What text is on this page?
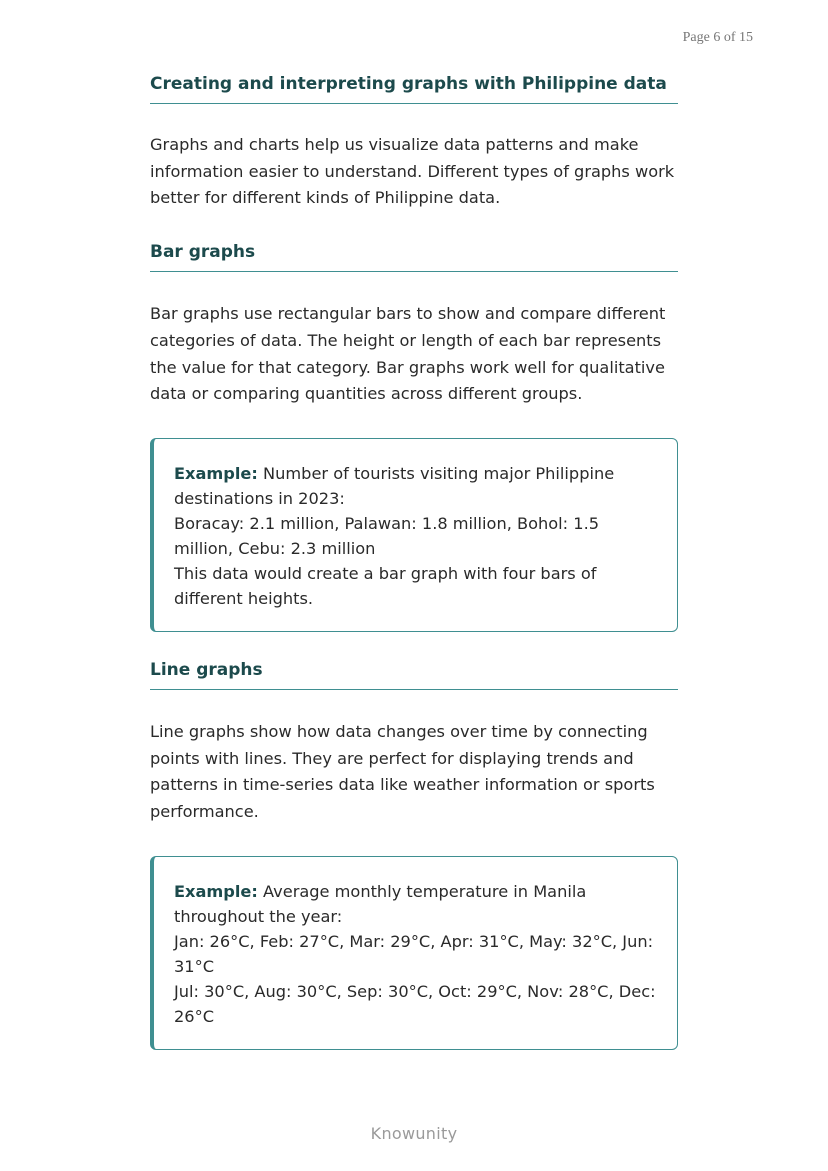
Page 6 of 15
Creating and interpreting graphs with Philippine data

Graphs and charts help us visualize data patterns and make information easier to understand. Different types of graphs work better for different kinds of Philippine data.

Bar graphs

Bar graphs use rectangular bars to show and compare different categories of data. The height or length of each bar represents the value for that category. Bar graphs work well for qualitative data or comparing quantities across different groups.

Example: Number of tourists visiting major Philippine destinations in 2023:
Boracay: 2.1 million, Palawan: 1.8 million, Bohol: 1.5 million, Cebu: 2.3 million
This data would create a bar graph with four bars of different heights.
Line graphs

Line graphs show how data changes over time by connecting points with lines. They are perfect for displaying trends and patterns in time-series data like weather information or sports performance.

Example: Average monthly temperature in Manila throughout the year:
Jan: 26°C, Feb: 27°C, Mar: 29°C, Apr: 31°C, May: 32°C, Jun: 31°C
Jul: 30°C, Aug: 30°C, Sep: 30°C, Oct: 29°C, Nov: 28°C, Dec: 26°C
Knowunity
